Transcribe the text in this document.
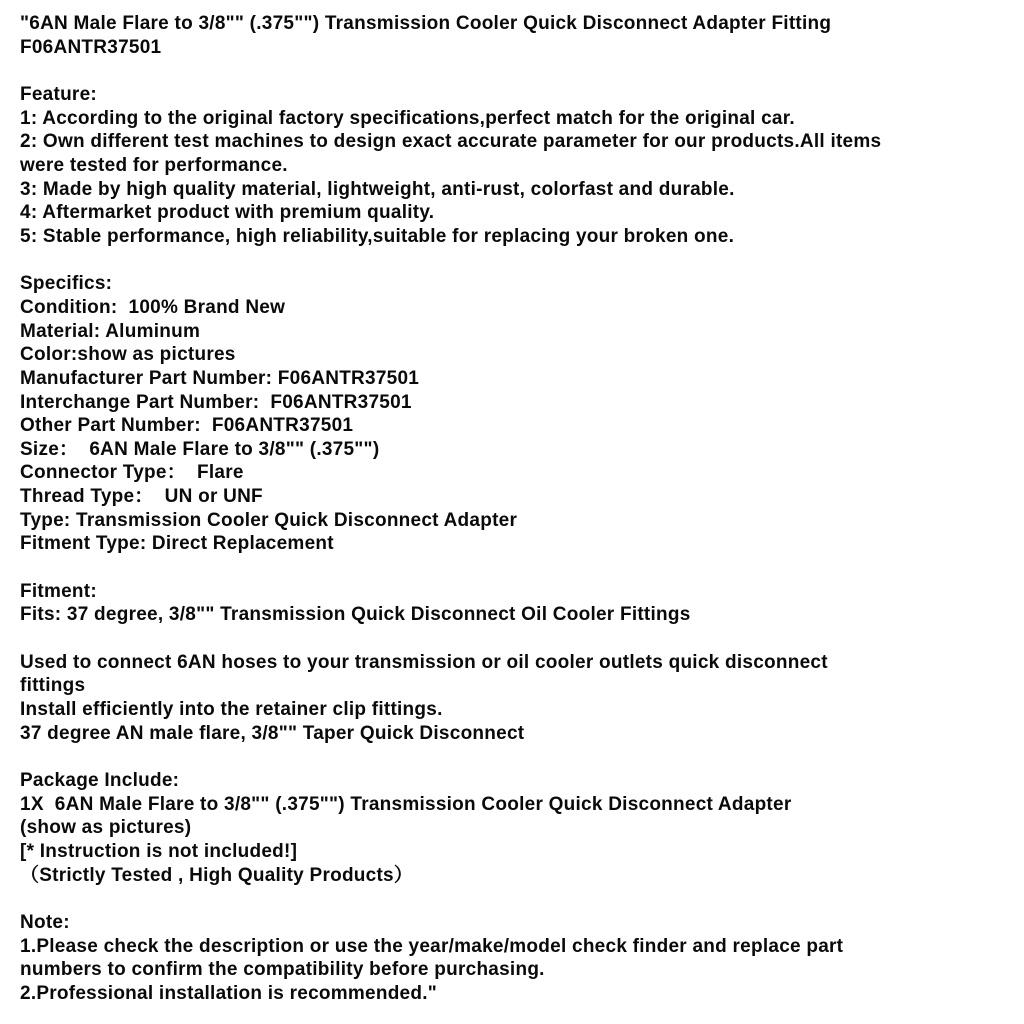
"6AN Male Flare to 3/8"" (.375"") Transmission Cooler Quick Disconnect Adapter Fitting
F06ANTR37501
Feature:
1: According to the original factory specifications,perfect match for the original car.
2: Own different test machines to design exact accurate parameter for our products.All items
were tested for performance.
3: Made by high quality material, lightweight, anti-rust, colorfast and durable.
4: Aftermarket product with premium quality.
5: Stable performance, high reliability,suitable for replacing your broken one.
Specifics:
Condition:  100% Brand New
Material: Aluminum
Color:show as pictures
Manufacturer Part Number: F06ANTR37501
Interchange Part Number:  F06ANTR37501
Other Part Number:  F06ANTR37501
Size：  6AN Male Flare to 3/8"" (.375"")
Connector Type：  Flare
Thread Type：  UN or UNF
Type: Transmission Cooler Quick Disconnect Adapter
Fitment Type: Direct Replacement
Fitment:
Fits: 37 degree, 3/8"" Transmission Quick Disconnect Oil Cooler Fittings
Used to connect 6AN hoses to your transmission or oil cooler outlets quick disconnect
fittings
Install efficiently into the retainer clip fittings.
37 degree AN male flare, 3/8"" Taper Quick Disconnect
Package Include:
1X  6AN Male Flare to 3/8"" (.375"") Transmission Cooler Quick Disconnect Adapter
(show as pictures)
[* Instruction is not included!]
（Strictly Tested , High Quality Products）
Note:
1.Please check the description or use the year/make/model check finder and replace part
numbers to confirm the compatibility before purchasing.
2.Professional installation is recommended."
